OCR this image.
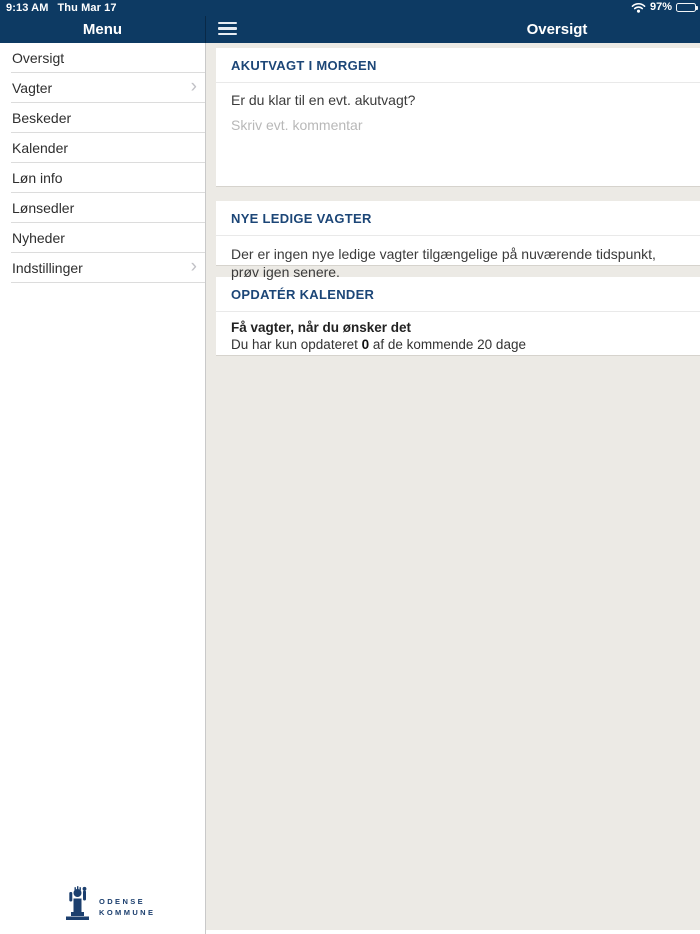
9:13 AM Thu Mar 17	97%
Menu	Oversigt
Oversigt
Vagter	›
Beskeder
Kalender
Løn info
Lønsedler
Nyheder
Indstillinger	›
ODENSE
KOMMUNE
AKUTVAGT I MORGEN
Er du klar til en evt. akutvagt?
Skriv evt. kommentar
NYE LEDIGE VAGTER
Der er ingen nye ledige vagter tilgængelige på nuværende tidspunkt, prøv igen senere.
OPDATÉR KALENDER
Få vagter, når du ønsker det
Du har kun opdateret 0 af de kommende 20 dage
